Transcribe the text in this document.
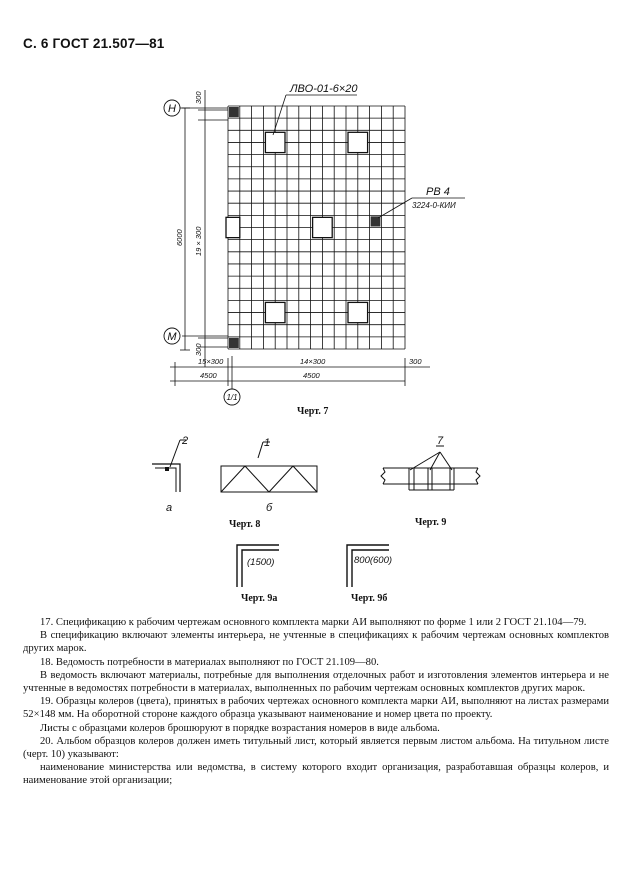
С. 6 ГОСТ 21.507—81
Н
М
1/1
ЛВО-01-6×20
РВ 4
3224-0-КИИ
300
300
6000 19 × 300
15×300	14×300	300
4500	4500
Черт. 7
2	1
а	б
7
Черт. 8	Черт. 9
(1500)	800(600)
Черт. 9а	Черт. 9б

17. Спецификацию к рабочим чертежам основного комплекта марки АИ выполняют по форме 1 или 2 ГОСТ 21.104—79.

В спецификацию включают элементы интерьера, не учтенные в спецификациях к рабочим чертежам основных комплектов других марок.

18. Ведомость потребности в материалах выполняют по ГОСТ 21.109—80.

В ведомость включают материалы, потребные для выполнения отделочных работ и изготовления элементов интерьера и не учтенные в ведомостях потребности в материалах, выполненных по рабочим чертежам основных комплектов других марок.

19. Образцы колеров (цвета), принятых в рабочих чертежах основного комплекта марки АИ, выполняют на листах размерами 52×148 мм. На оборотной стороне каждого образца указывают наименование и номер цвета по проекту.

Листы с образцами колеров брошюруют в порядке возрастания номеров в виде альбома.

20. Альбом образцов колеров должен иметь титульный лист, который является первым листом альбома. На титульном листе (черт. 10) указывают:

наименование министерства или ведомства, в систему которого входит организация, разработавшая образцы колеров, и наименование этой организации;
